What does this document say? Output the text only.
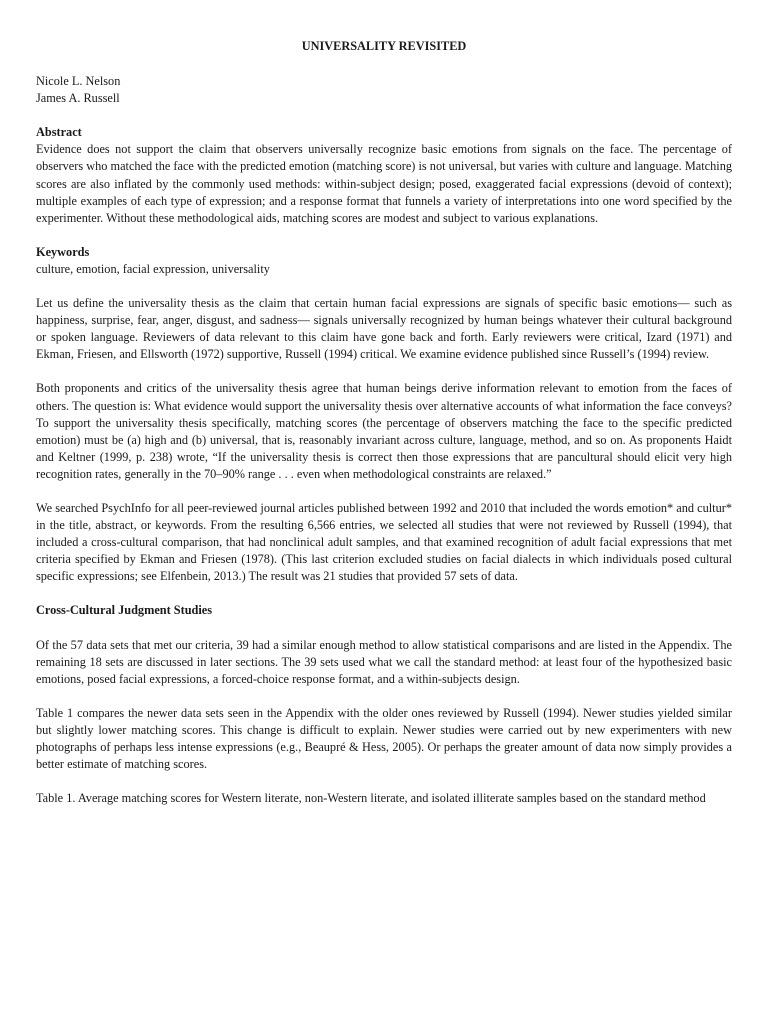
UNIVERSALITY REVISITED
Nicole L. Nelson
James A. Russell
Abstract

Evidence does not support the claim that observers universally recognize basic emotions from signals on the face. The percentage of observers who matched the face with the predicted emotion (matching score) is not universal, but varies with culture and language. Matching scores are also inflated by the commonly used methods: within-subject design; posed, exaggerated facial expressions (devoid of context); multiple examples of each type of expression; and a response format that funnels a variety of interpretations into one word specified by the experimenter. Without these methodological aids, matching scores are modest and subject to various explanations.

Keywords

culture, emotion, facial expression, universality

Let us define the universality thesis as the claim that certain human facial expressions are signals of specific basic emotions— such as happiness, surprise, fear, anger, disgust, and sadness— signals universally recognized by human beings whatever their cultural background or spoken language. Reviewers of data relevant to this claim have gone back and forth. Early reviewers were critical, Izard (1971) and Ekman, Friesen, and Ellsworth (1972) supportive, Russell (1994) critical. We examine evidence published since Russell’s (1994) review.

Both proponents and critics of the universality thesis agree that human beings derive information relevant to emotion from the faces of others. The question is: What evidence would support the universality thesis over alternative accounts of what information the face conveys? To support the universality thesis specifically, matching scores (the percentage of observers matching the face to the specific predicted emotion) must be (a) high and (b) universal, that is, reasonably invariant across culture, language, method, and so on. As proponents Haidt and Keltner (1999, p. 238) wrote, “If the universality thesis is correct then those expressions that are pancultural should elicit very high recognition rates, generally in the 70–90% range . . . even when methodological constraints are relaxed.”

We searched PsychInfo for all peer-reviewed journal articles published between 1992 and 2010 that included the words emotion* and cultur* in the title, abstract, or keywords. From the resulting 6,566 entries, we selected all studies that were not reviewed by Russell (1994), that included a cross-cultural comparison, that had nonclinical adult samples, and that examined recognition of adult facial expressions that met criteria specified by Ekman and Friesen (1978). (This last criterion excluded studies on facial dialects in which individuals posed cultural specific expressions; see Elfenbein, 2013.) The result was 21 studies that provided 57 sets of data.

Cross-Cultural Judgment Studies

Of the 57 data sets that met our criteria, 39 had a similar enough method to allow statistical comparisons and are listed in the Appendix. The remaining 18 sets are discussed in later sections. The 39 sets used what we call the standard method: at least four of the hypothesized basic emotions, posed facial expressions, a forced-choice response format, and a within-subjects design.

Table 1 compares the newer data sets seen in the Appendix with the older ones reviewed by Russell (1994). Newer studies yielded similar but slightly lower matching scores. This change is difficult to explain. Newer studies were carried out by new experimenters with new photographs of perhaps less intense expressions (e.g., Beaupré & Hess, 2005). Or perhaps the greater amount of data now simply provides a better estimate of matching scores.

Table 1. Average matching scores for Western literate, non-Western literate, and isolated illiterate samples based on the standard method
